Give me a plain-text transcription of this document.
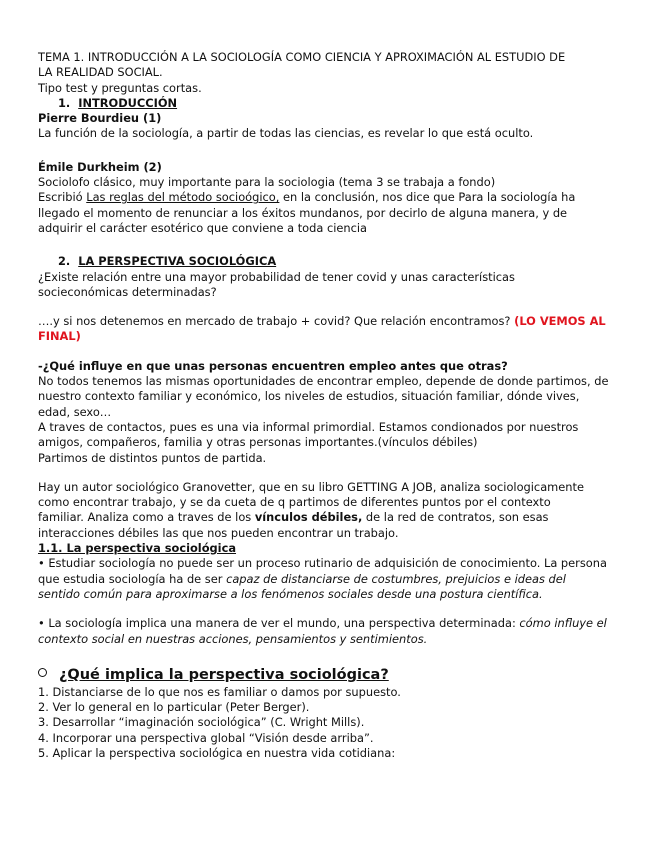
TEMA 1. INTRODUCCIÓN A LA SOCIOLOGÍA COMO CIENCIA Y APROXIMACIÓN AL ESTUDIO DE

LA REALIDAD SOCIAL.

Tipo test y preguntas cortas.

1. INTRODUCCIÓN

Pierre Bourdieu (1)

La función de la sociología, a partir de todas las ciencias, es revelar lo que está oculto.

Émile Durkheim (2)

Sociolofo clásico, muy importante para la sociologia (tema 3 se trabaja a fondo)

Escribió Las reglas del método socioógico, en la conclusión, nos dice que Para la sociología ha

llegado el momento de renunciar a los éxitos mundanos, por decirlo de alguna manera, y de

adquirir el carácter esotérico que conviene a toda ciencia

2. LA PERSPECTIVA SOCIOLÓGICA

¿Existe relación entre una mayor probabilidad de tener covid y unas características

socieconómicas determinadas?

….y si nos detenemos en mercado de trabajo + covid? Que relación encontramos? (LO VEMOS AL

FINAL)

-¿Qué influye en que unas personas encuentren empleo antes que otras?

No todos tenemos las mismas oportunidades de encontrar empleo, depende de donde partimos, de

nuestro contexto familiar y económico, los niveles de estudios, situación familiar, dónde vives,

edad, sexo…

A traves de contactos, pues es una via informal primordial. Estamos condionados por nuestros

amigos, compañeros, familia y otras personas importantes.(vínculos débiles)

Partimos de distintos puntos de partida.

Hay un autor sociológico Granovetter, que en su libro GETTING A JOB, analiza sociologicamente

como encontrar trabajo, y se da cueta de q partimos de diferentes puntos por el contexto

familiar. Analiza como a traves de los vínculos débiles, de la red de contratos, son esas

interacciones débiles las que nos pueden encontrar un trabajo.

1.1. La perspectiva sociológica

• Estudiar sociología no puede ser un proceso rutinario de adquisición de conocimiento. La persona

que estudia sociología ha de ser capaz de distanciarse de costumbres, prejuicios e ideas del

sentido común para aproximarse a los fenómenos sociales desde una postura científica.

• La sociología implica una manera de ver el mundo, una perspectiva determinada: cómo influye el

contexto social en nuestras acciones, pensamientos y sentimientos.

¿Qué implica la perspectiva sociológica?

1. Distanciarse de lo que nos es familiar o damos por supuesto.

2. Ver lo general en lo particular (Peter Berger).

3. Desarrollar “imaginación sociológica” (C. Wright Mills).

4. Incorporar una perspectiva global “Visión desde arriba”.

5. Aplicar la perspectiva sociológica en nuestra vida cotidiana:
